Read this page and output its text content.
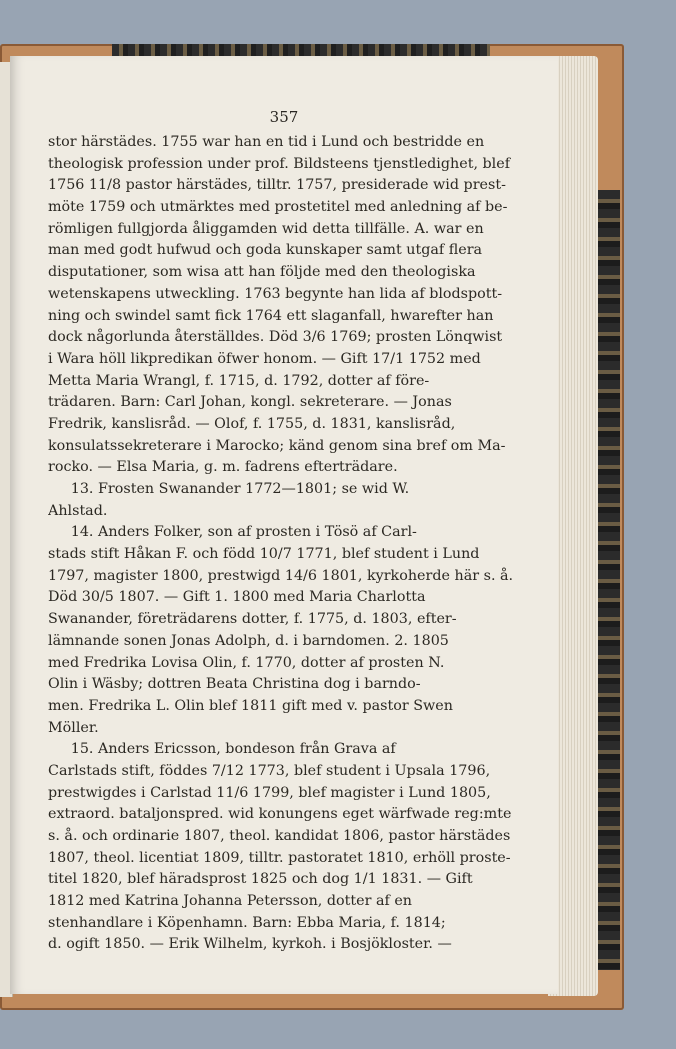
357
stor härstädes. 1755 war han en tid i Lund och bestridde en
theologisk profession under prof. Bildsteens tjenstledighet, blef
1756 11/8 pastor härstädes, tilltr. 1757, presiderade wid prest-
möte 1759 och utmärktes med prostetitel med anledning af be-
römligen fullgjorda åliggamden wid detta tillfälle. A. war en
man med godt hufwud och goda kunskaper samt utgaf flera
disputationer, som wisa att han följde med den theologiska
wetenskapens utweckling. 1763 begynte han lida af blodspott-
ning och swindel samt fick 1764 ett slaganfall, hwarefter han
dock någorlunda återställdes. Död 3/6 1769; prosten Lönqwist
i Wara höll likpredikan öfwer honom. — Gift 17/1 1752 med
Metta Maria Wrangl, f. 1715, d. 1792, dotter af före-
trädaren. Barn: Carl Johan, kongl. sekreterare. — Jonas
Fredrik, kanslisråd. — Olof, f. 1755, d. 1831, kanslisråd,
konsulatssekreterare i Marocko; känd genom sina bref om Ma-
rocko. — Elsa Maria, g. m. fadrens efterträdare.
13. Frosten Swanander 1772—1801; se wid W.
Ahlstad.
14. Anders Folker, son af prosten i Tösö af Carl-
stads stift Håkan F. och född 10/7 1771, blef student i Lund
1797, magister 1800, prestwigd 14/6 1801, kyrkoherde här s. å.
Död 30/5 1807. — Gift 1. 1800 med Maria Charlotta
Swanander, företrädarens dotter, f. 1775, d. 1803, efter-
lämnande sonen Jonas Adolph, d. i barndomen. 2. 1805
med Fredrika Lovisa Olin, f. 1770, dotter af prosten N.
Olin i Wäsby; dottren Beata Christina dog i barndo-
men. Fredrika L. Olin blef 1811 gift med v. pastor Swen
Möller.
15. Anders Ericsson, bondeson från Grava af
Carlstads stift, föddes 7/12 1773, blef student i Upsala 1796,
prestwigdes i Carlstad 11/6 1799, blef magister i Lund 1805,
extraord. bataljonspred. wid konungens eget wärfwade reg:mte
s. å. och ordinarie 1807, theol. kandidat 1806, pastor härstädes
1807, theol. licentiat 1809, tilltr. pastoratet 1810, erhöll proste-
titel 1820, blef häradsprost 1825 och dog 1/1 1831. — Gift
1812 med Katrina Johanna Petersson, dotter af en
stenhandlare i Köpenhamn. Barn: Ebba Maria, f. 1814;
d. ogift 1850. — Erik Wilhelm, kyrkoh. i Bosjökloster. —
